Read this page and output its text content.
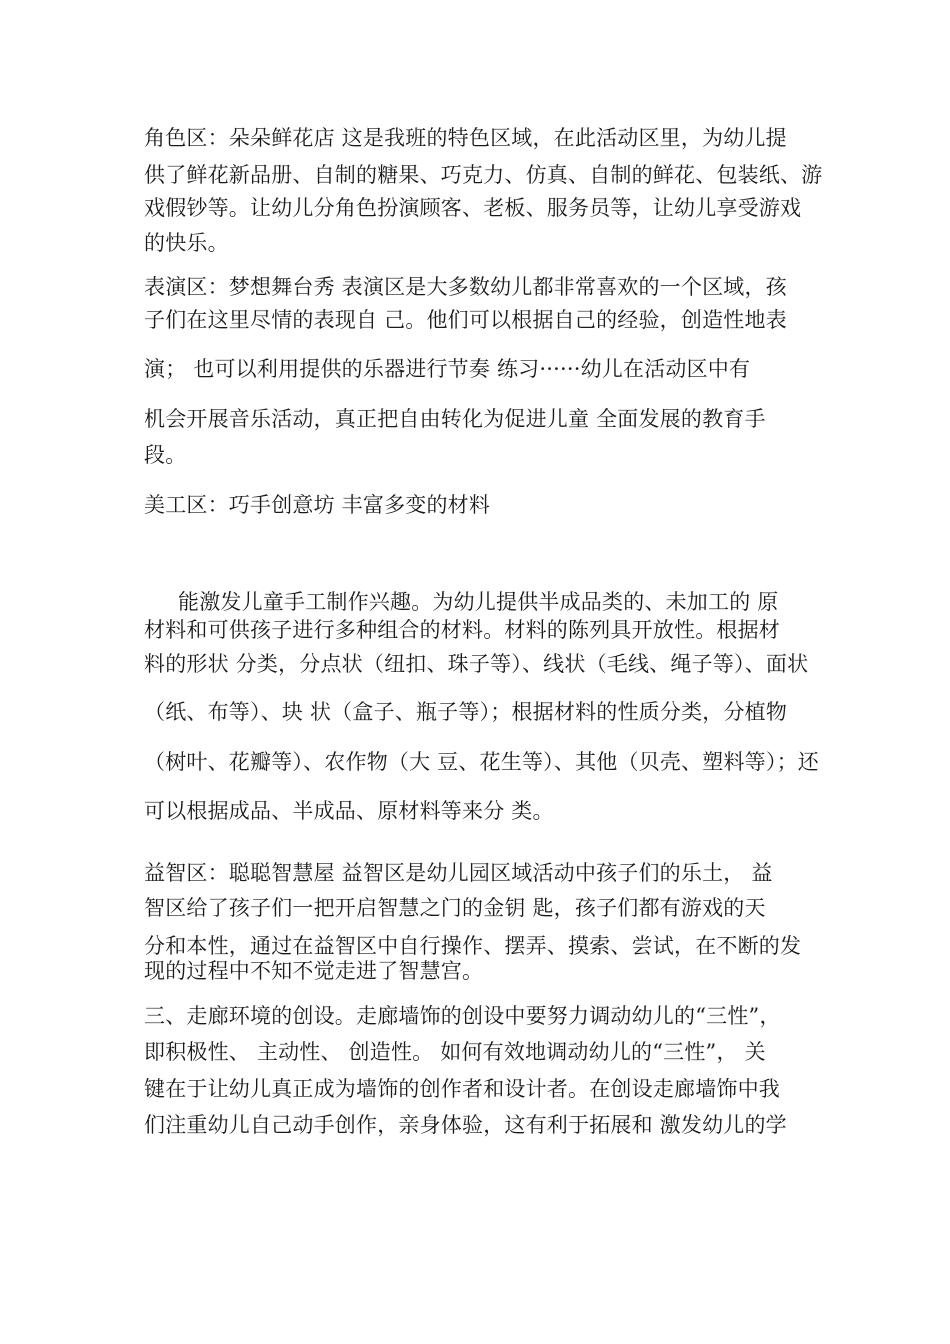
角色区：朵朵鲜花店 这是我班的特色区域，在此活动区里，为幼儿提
供了鲜花新品册、自制的糖果、巧克力、仿真、自制的鲜花、包装纸、游
戏假钞等。让幼儿分角色扮演顾客、老板、服务员等，让幼儿享受游戏
的快乐。
表演区：梦想舞台秀 表演区是大多数幼儿都非常喜欢的一个区域，孩
子们在这里尽情的表现自 己。他们可以根据自己的经验，创造性地表
演； 也可以利用提供的乐器进行节奏 练习······幼儿在活动区中有
机会开展音乐活动，真正把自由转化为促进儿童 全面发展的教育手
段。
美工区：巧手创意坊 丰富多变的材料
能激发儿童手工制作兴趣。为幼儿提供半成品类的、未加工的 原
材料和可供孩子进行多种组合的材料。材料的陈列具开放性。根据材
料的形状 分类，分点状（纽扣、珠子等）、线状（毛线、绳子等）、面状
（纸、布等）、块 状（盒子、瓶子等）；根据材料的性质分类，分植物
（树叶、花瓣等）、农作物（大 豆、花生等）、其他（贝壳、塑料等）；还
可以根据成品、半成品、原材料等来分 类。
益智区：聪聪智慧屋 益智区是幼儿园区域活动中孩子们的乐土， 益
智区给了孩子们一把开启智慧之门的金钥 匙，孩子们都有游戏的天
分和本性，通过在益智区中自行操作、摆弄、摸索、尝试，在不断的发
现的过程中不知不觉走进了智慧宫。
三、走廊环境的创设。走廊墙饰的创设中要努力调动幼儿的“三性”，
即积极性、 主动性、 创造性。 如何有效地调动幼儿的“三性”， 关
键在于让幼儿真正成为墙饰的创作者和设计者。在创设走廊墙饰中我
们注重幼儿自己动手创作，亲身体验，这有利于拓展和 激发幼儿的学
